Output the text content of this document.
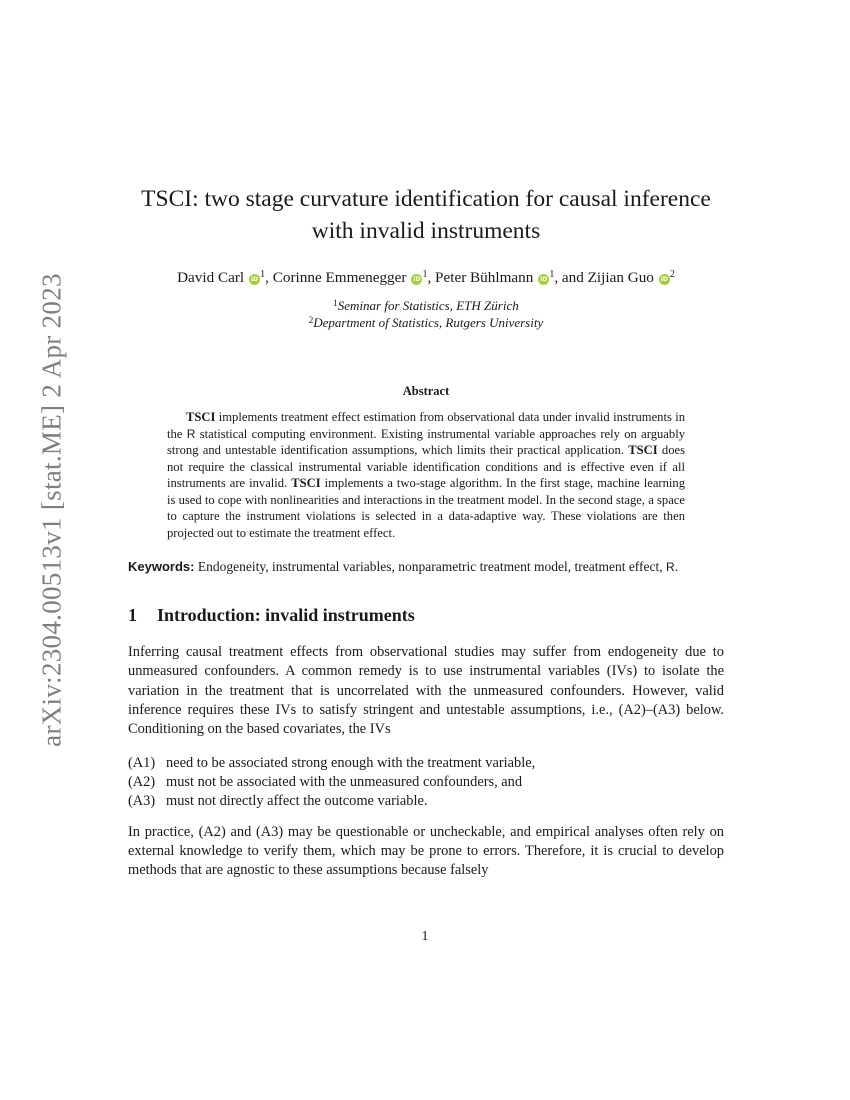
arXiv:2304.00513v1 [stat.ME] 2 Apr 2023
TSCI: two stage curvature identification for causal inference
with invalid instruments
David Carl iD $^1$, Corinne Emmenegger iD $^1$, Peter Bühlmann iD $^1$, and Zijian Guo iD $^2$
$^1$Seminar for Statistics, ETH Zürich
$^2$Department of Statistics, Rutgers University
Abstract

TSCI implements treatment effect estimation from observational data under invalid instruments in the R statistical computing environment. Existing instrumental variable approaches rely on arguably strong and untestable identification assumptions, which limits their practical application. TSCI does not require the classical instrumental variable identification conditions and is effective even if all instruments are invalid. TSCI implements a two-stage algorithm. In the first stage, machine learning is used to cope with nonlinearities and interactions in the treatment model. In the second stage, a space to capture the instrument violations is selected in a data-adaptive way. These violations are then projected out to estimate the treatment effect.

Keywords: Endogeneity, instrumental variables, nonparametric treatment model, treatment effect, R.
1 Introduction: invalid instruments

Inferring causal treatment effects from observational studies may suffer from endogeneity due to unmeasured confounders. A common remedy is to use instrumental variables (IVs) to isolate the variation in the treatment that is uncorrelated with the unmeasured confounders. However, valid inference requires these IVs to satisfy stringent and untestable assumptions, i.e., (A2)–(A3) below. Conditioning on the based covariates, the IVs

(A1) need to be associated strong enough with the treatment variable,
(A2) must not be associated with the unmeasured confounders, and
(A3) must not directly affect the outcome variable.

In practice, (A2) and (A3) may be questionable or uncheckable, and empirical analyses often rely on external knowledge to verify them, which may be prone to errors. Therefore, it is crucial to develop methods that are agnostic to these assumptions because falsely

1
